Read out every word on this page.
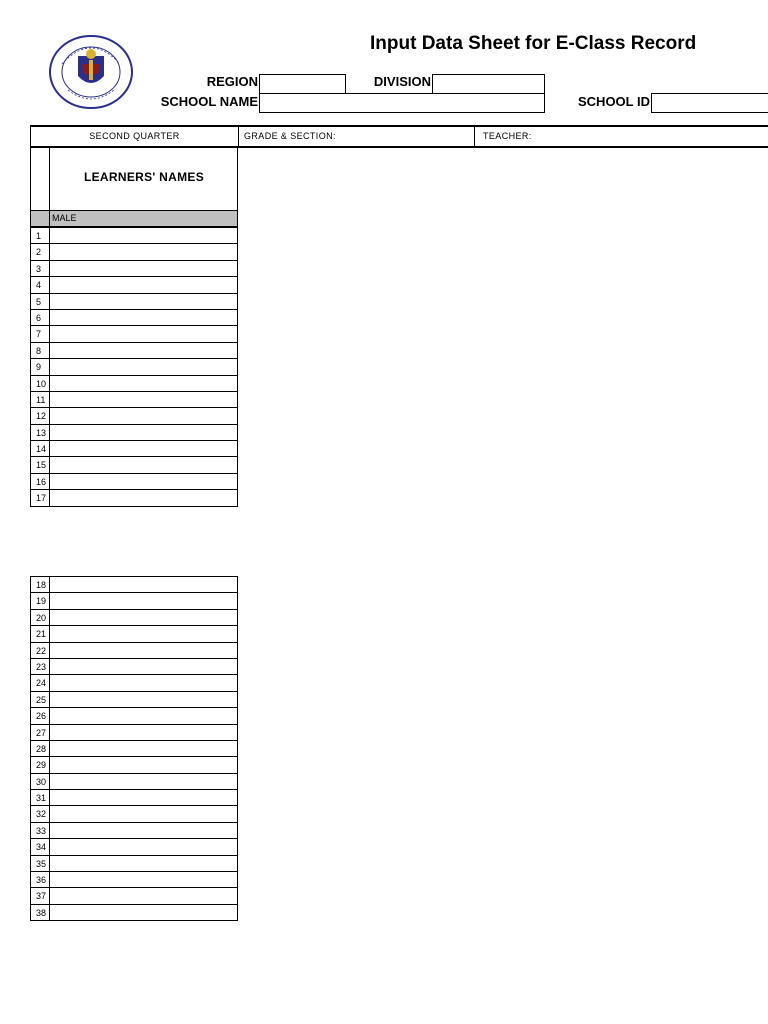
Input Data Sheet for E-Class Record
REGION	DIVISION
SCHOOL NAME	SCHOOL ID
SECOND QUARTER	GRADE & SECTION:	TEACHER:
LEARNERS' NAMES
MALE
1
2
3
4
5
6
7
8
9
10
11
12
13
14
15
16
17
18
19
20
21
22
23
24
25
26
27
28
29
30
31
32
33
34
35
36
37
38
